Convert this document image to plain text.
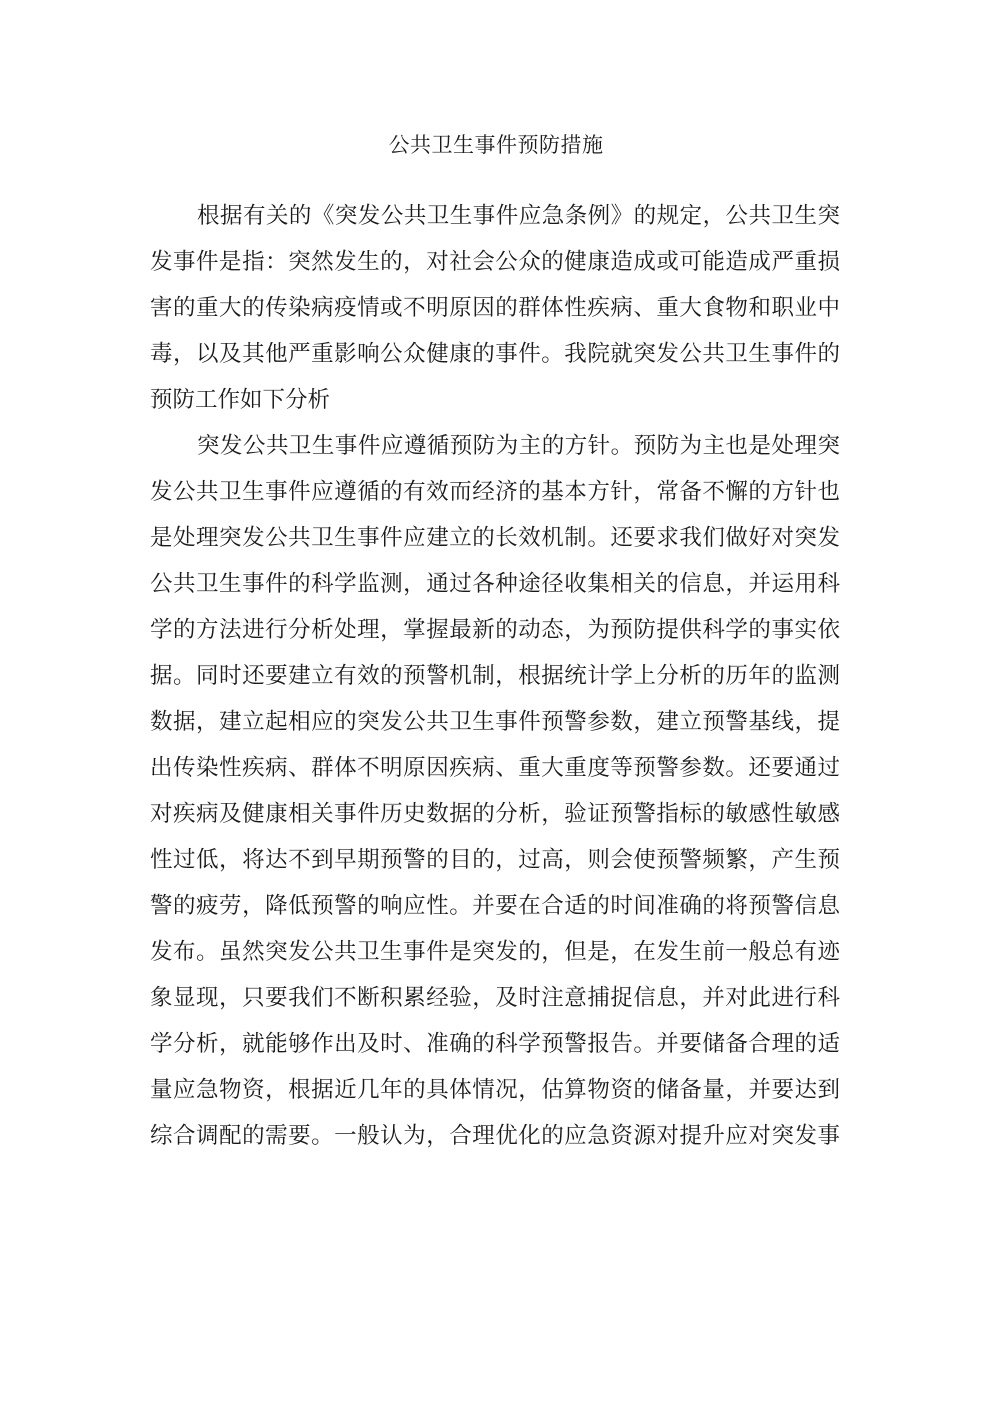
公共卫生事件预防措施

根据有关的《突发公共卫生事件应急条例》的规定，公共卫生突
发事件是指：突然发生的，对社会公众的健康造成或可能造成严重损
害的重大的传染病疫情或不明原因的群体性疾病、重大食物和职业中
毒，以及其他严重影响公众健康的事件。我院就突发公共卫生事件的
预防工作如下分析

突发公共卫生事件应遵循预防为主的方针。预防为主也是处理突
发公共卫生事件应遵循的有效而经济的基本方针，常备不懈的方针也
是处理突发公共卫生事件应建立的长效机制。还要求我们做好对突发
公共卫生事件的科学监测，通过各种途径收集相关的信息，并运用科
学的方法进行分析处理，掌握最新的动态，为预防提供科学的事实依
据。同时还要建立有效的预警机制，根据统计学上分析的历年的监测
数据，建立起相应的突发公共卫生事件预警参数，建立预警基线，提
出传染性疾病、群体不明原因疾病、重大重度等预警参数。还要通过
对疾病及健康相关事件历史数据的分析，验证预警指标的敏感性敏感
性过低，将达不到早期预警的目的，过高，则会使预警频繁，产生预
警的疲劳，降低预警的响应性。并要在合适的时间准确的将预警信息
发布。虽然突发公共卫生事件是突发的，但是，在发生前一般总有迹
象显现，只要我们不断积累经验，及时注意捕捉信息，并对此进行科
学分析，就能够作出及时、准确的科学预警报告。并要储备合理的适
量应急物资，根据近几年的具体情况，估算物资的储备量，并要达到
综合调配的需要。一般认为，合理优化的应急资源对提升应对突发事
